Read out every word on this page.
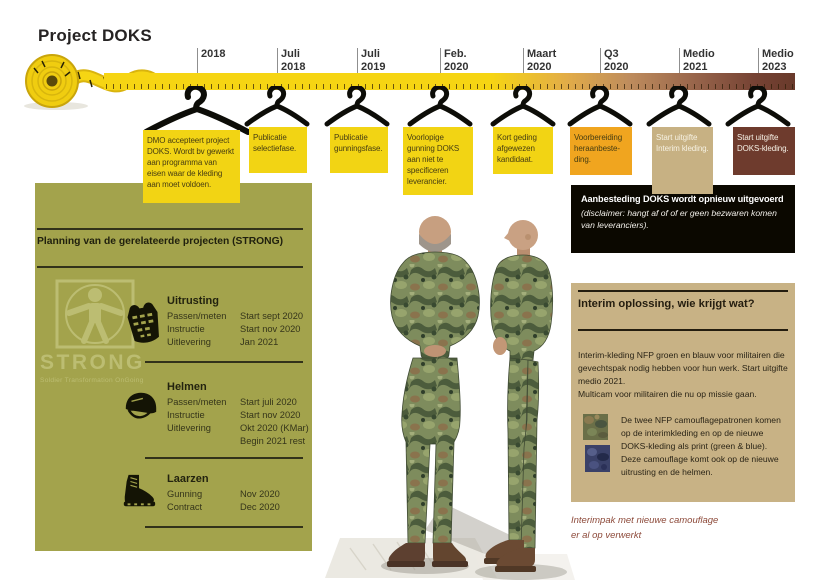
Project DOKS
2018

DMO accepteert project DOKS. Wordt bv gewerkt aan programma van eisen waar de kleding aan moet voldoen.
Juli
2018
Publicatie selectiefase.
Juli
2019
Publicatie gunningsfase.
Feb.
2020
Voorlopige gunning DOKS aan niet te specificeren leverancier.
Maart
2020
Kort geding afgewezen kandidaat.
Q3
2020
Voorbereiding heraanbeste-ding.
Medio
2021
Start uitgifte Interim kleding.
Medio
2023
Start uitgifte DOKS-kleding.
Planning van de gerelateerde projecten (STRONG)
STRONG
Soldier Transformation OnGoing
Uitrusting
Passen/meten Start sept 2020
Instructie	Start nov 2020
Uitlevering	Jan 2021
Helmen
Passen/meten Start juli 2020
Instructie	Start nov 2020
Uitlevering	Okt 2020 (KMar)
Begin 2021 rest
Laarzen
Gunning	Nov 2020
Contract	Dec 2020
Aanbesteding DOKS wordt opnieuw uitgevoerd
(disclaimer: hangt af of of er geen bezwaren komen van leveranciers).
Interim oplossing, wie krijgt wat?

Interim-kleding NFP groen en blauw voor militairen die gevechtspak nodig hebben voor hun werk. Start uitgifte medio 2021.

Multicam voor militairen die nu op missie gaan.

De twee NFP camouflagepatronen komen op de interimkleding en op de nieuwe DOKS-kleding als print (green & blue). Deze camouflage komt ook op de nieuwe uitrusting en de helmen.
Interimpak met nieuwe camouflage
er al op verwerkt
